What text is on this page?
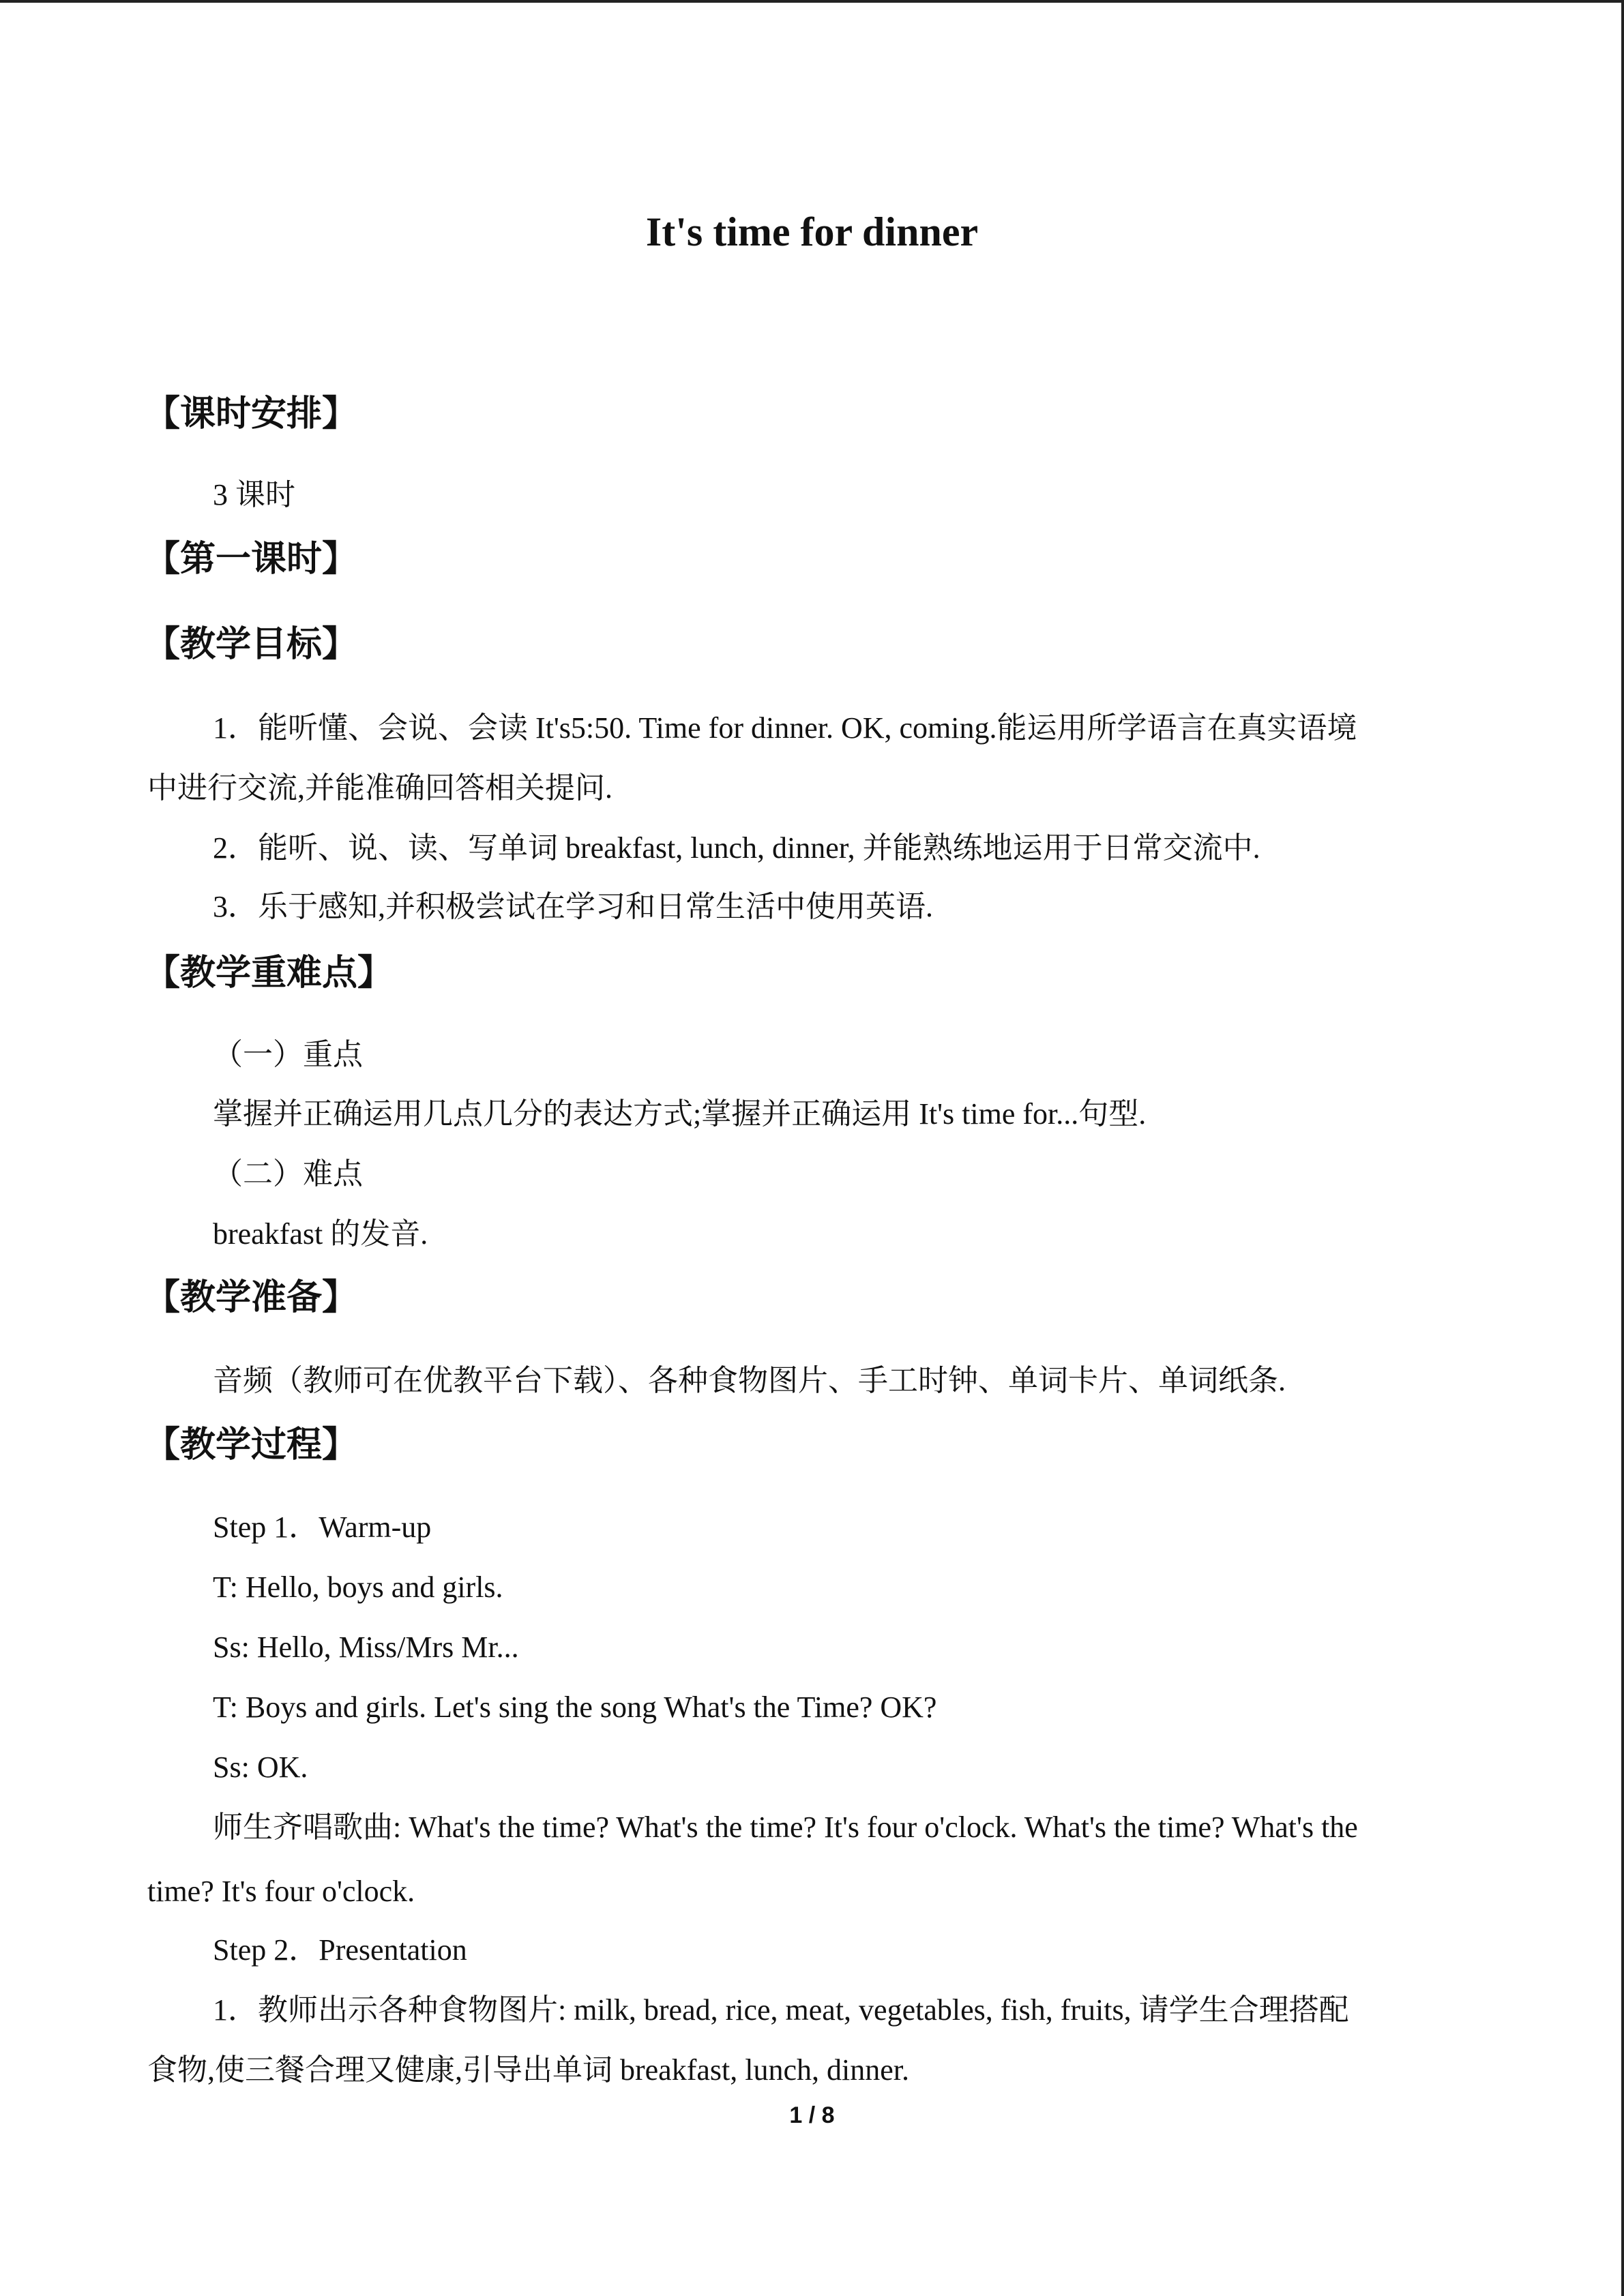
It's time for dinner
【课时安排】

3 课时

【第一课时】
【教学目标】

1．能听懂、会说、会读 It's5:50. Time for dinner. OK, coming.能运用所学语言在真实语境

中进行交流,并能准确回答相关提问.

2．能听、说、读、写单词 breakfast, lunch, dinner, 并能熟练地运用于日常交流中.

3．乐于感知,并积极尝试在学习和日常生活中使用英语.

【教学重难点】

（一）重点

掌握并正确运用几点几分的表达方式;掌握并正确运用 It's time for...句型.

（二）难点

breakfast 的发音.

【教学准备】

音频（教师可在优教平台下载）、各种食物图片、手工时钟、单词卡片、单词纸条.

【教学过程】

Step 1．Warm-up

T: Hello, boys and girls.

Ss: Hello, Miss/Mrs Mr...

T: Boys and girls. Let's sing the song What's the Time? OK?

Ss: OK.

师生齐唱歌曲: What's the time? What's the time? It's four o'clock. What's the time? What's the

time? It's four o'clock.

Step 2．Presentation

1．教师出示各种食物图片: milk, bread, rice, meat, vegetables, fish, fruits, 请学生合理搭配

食物,使三餐合理又健康,引导出单词 breakfast, lunch, dinner.

1 / 8
